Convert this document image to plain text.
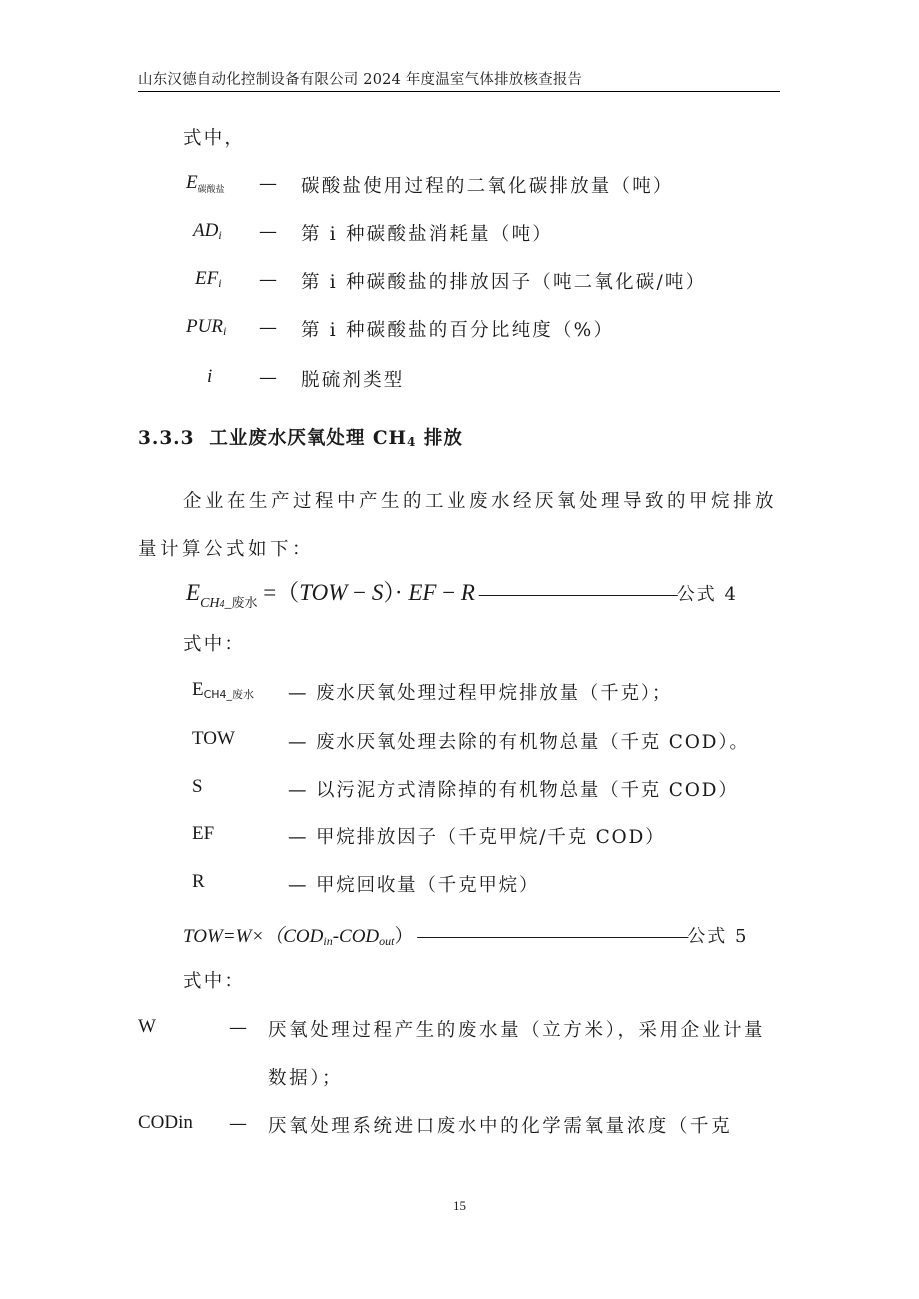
山东汉德自动化控制设备有限公司 2024 年度温室气体排放核查报告
式中，
$E_{碳酸盐}$
$AD_i$
$EF_i$
$PUR_i$
i
—
—
—
—
—
碳酸盐使用过程的二氧化碳排放量（吨）
第 i 种碳酸盐消耗量（吨）
第 i 种碳酸盐的排放因子（吨二氧化碳/吨）
第 i 种碳酸盐的百分比纯度（%）
脱硫剂类型
3.3.3 工业废水厌氧处理 $CH_4$ 排放
企业在生产过程中产生的工业废水经厌氧处理导致的甲烷排放
量计算公式如下：
$E_{CH4\_废水} =(TOW - S)\cdot$ EF − R ———————————公式 4
式中：
$E_{CH4\_废水}$
TOW
S
EF
R
— 废水厌氧处理过程甲烷排放量（千克）；
— 废水厌氧处理去除的有机物总量（千克 COD）。
— 以污泥方式清除掉的有机物总量（千克 COD）
— 甲烷排放因子（千克甲烷/千克 COD）
— 甲烷回收量（千克甲烷）
TOW=W×（CODin-CODout） ———————————————公式 5
式中：
W	— 厌氧处理过程产生的废水量（立方米），采用企业计量
数据）；
CODin — 厌氧处理系统进口废水中的化学需氧量浓度（千克
15
